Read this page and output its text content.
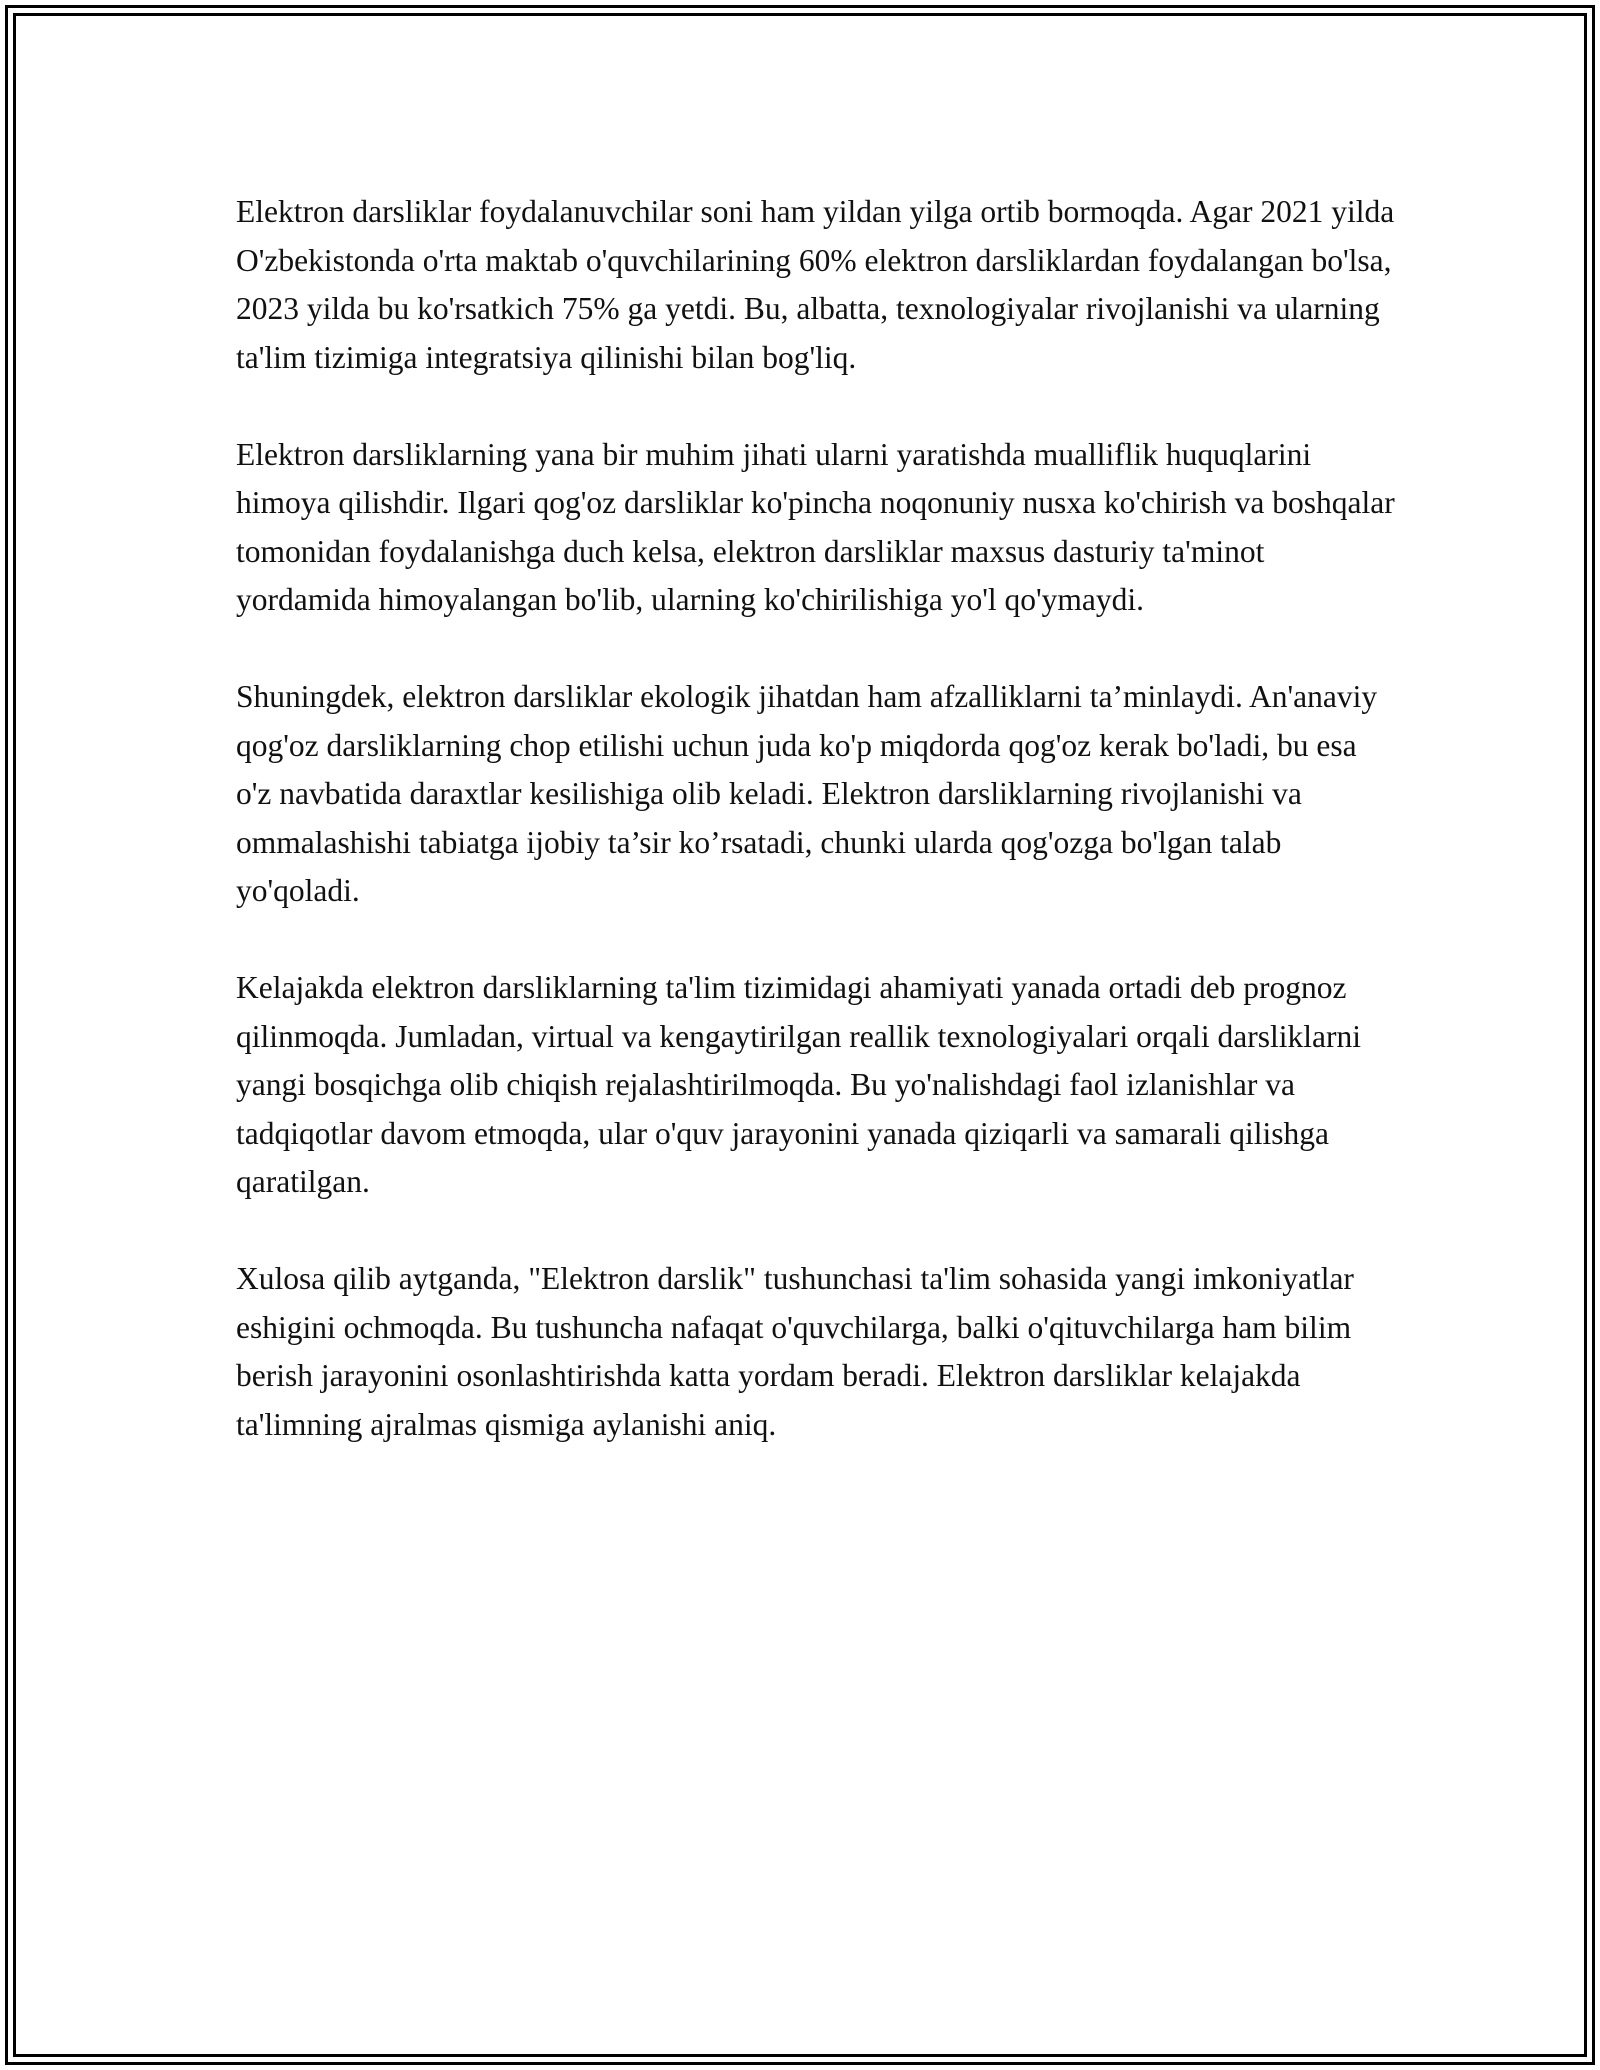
Elektron darsliklar foydalanuvchilar soni ham yildan yilga ortib bormoqda. Agar 2021 yilda O'zbekistonda o'rta maktab o'quvchilarining 60% elektron darsliklardan foydalangan bo'lsa, 2023 yilda bu ko'rsatkich 75% ga yetdi. Bu, albatta, texnologiyalar rivojlanishi va ularning ta'lim tizimiga integratsiya qilinishi bilan bog'liq.

Elektron darsliklarning yana bir muhim jihati ularni yaratishda mualliflik huquqlarini himoya qilishdir. Ilgari qog'oz darsliklar ko'pincha noqonuniy nusxa ko'chirish va boshqalar tomonidan foydalanishga duch kelsa, elektron darsliklar maxsus dasturiy ta'minot yordamida himoyalangan bo'lib, ularning ko'chirilishiga yo'l qo'ymaydi.

Shuningdek, elektron darsliklar ekologik jihatdan ham afzalliklarni ta’minlaydi. An'anaviy qog'oz darsliklarning chop etilishi uchun juda ko'p miqdorda qog'oz kerak bo'ladi, bu esa o'z navbatida daraxtlar kesilishiga olib keladi. Elektron darsliklarning rivojlanishi va ommalashishi tabiatga ijobiy ta’sir ko’rsatadi, chunki ularda qog'ozga bo'lgan talab yo'qoladi.

Kelajakda elektron darsliklarning ta'lim tizimidagi ahamiyati yanada ortadi deb prognoz qilinmoqda. Jumladan, virtual va kengaytirilgan reallik texnologiyalari orqali darsliklarni yangi bosqichga olib chiqish rejalashtirilmoqda. Bu yo'nalishdagi faol izlanishlar va tadqiqotlar davom etmoqda, ular o'quv jarayonini yanada qiziqarli va samarali qilishga qaratilgan.

Xulosa qilib aytganda, "Elektron darslik" tushunchasi ta'lim sohasida yangi imkoniyatlar eshigini ochmoqda. Bu tushuncha nafaqat o'quvchilarga, balki o'qituvchilarga ham bilim berish jarayonini osonlashtirishda katta yordam beradi. Elektron darsliklar kelajakda ta'limning ajralmas qismiga aylanishi aniq.
